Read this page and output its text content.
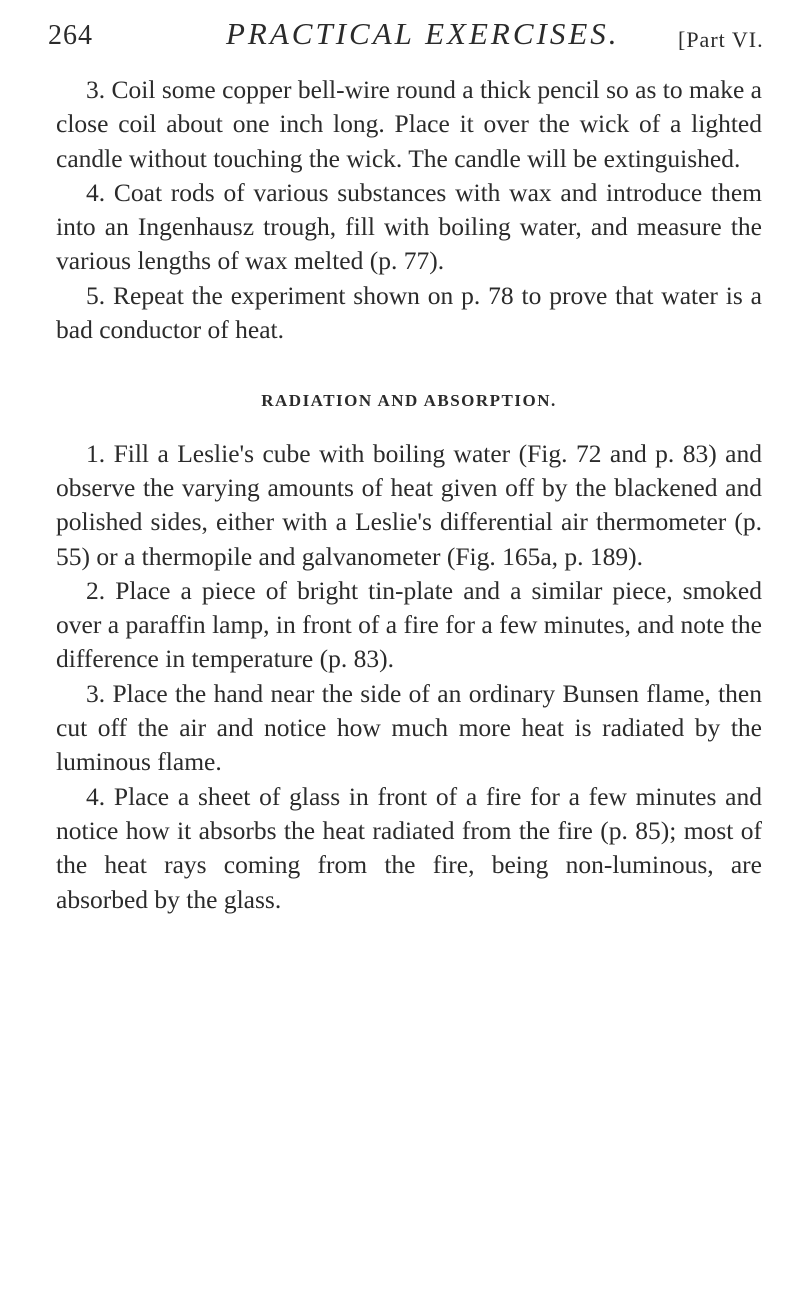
264	PRACTICAL EXERCISES.	[Part VI.

3. Coil some copper bell-wire round a thick pencil so as to make a close coil about one inch long. Place it over the wick of a lighted candle without touching the wick. The candle will be extinguished.

4. Coat rods of various substances with wax and introduce them into an Ingenhausz trough, fill with boiling water, and measure the various lengths of wax melted (p. 77).

5. Repeat the experiment shown on p. 78 to prove that water is a bad conductor of heat.

RADIATION AND ABSORPTION.

1. Fill a Leslie's cube with boiling water (Fig. 72 and p. 83) and observe the varying amounts of heat given off by the blackened and polished sides, either with a Leslie's differential air thermometer (p. 55) or a thermopile and galvanometer (Fig. 165a, p. 189).

2. Place a piece of bright tin-plate and a similar piece, smoked over a paraffin lamp, in front of a fire for a few minutes, and note the difference in temperature (p. 83).

3. Place the hand near the side of an ordinary Bunsen flame, then cut off the air and notice how much more heat is radiated by the luminous flame.

4. Place a sheet of glass in front of a fire for a few minutes and notice how it absorbs the heat radiated from the fire (p. 85); most of the heat rays coming from the fire, being non-luminous, are absorbed by the glass.
